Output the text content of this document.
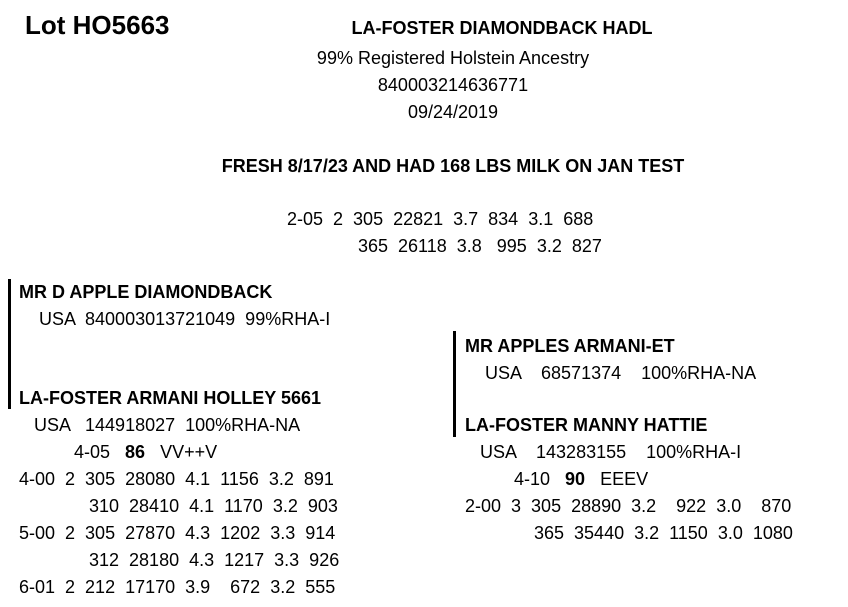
Lot HO5663	LA-FOSTER DIAMONDBACK HADL
99% Registered Holstein Ancestry
840003214636771
09/24/2019
FRESH 8/17/23 AND HAD 168 LBS MILK ON JAN TEST
2-05  2  305  22821  3.7  834  3.1  688
365  26118  3.8   995  3.2  827
MR D APPLE DIAMONDBACK
USA  840003013721049  99%RHA-I
LA-FOSTER ARMANI HOLLEY 5661
USA   144918027  100%RHA-NA
4-05 86 VV++V
4-00  2  305  28080  4.1  1156  3.2  891
310  28410  4.1  1170  3.2  903
5-00  2  305  27870  4.3  1202  3.3  914
312  28180  4.3  1217  3.3  926
6-01  2  212  17170  3.9    672  3.2  555
MR APPLES ARMANI-ET
USA    68571374    100%RHA-NA
LA-FOSTER MANNY HATTIE
USA    143283155    100%RHA-I
4-10 90 EEEV
2-00  3  305  28890  3.2    922  3.0    870
365  35440  3.2  1150  3.0  1080
